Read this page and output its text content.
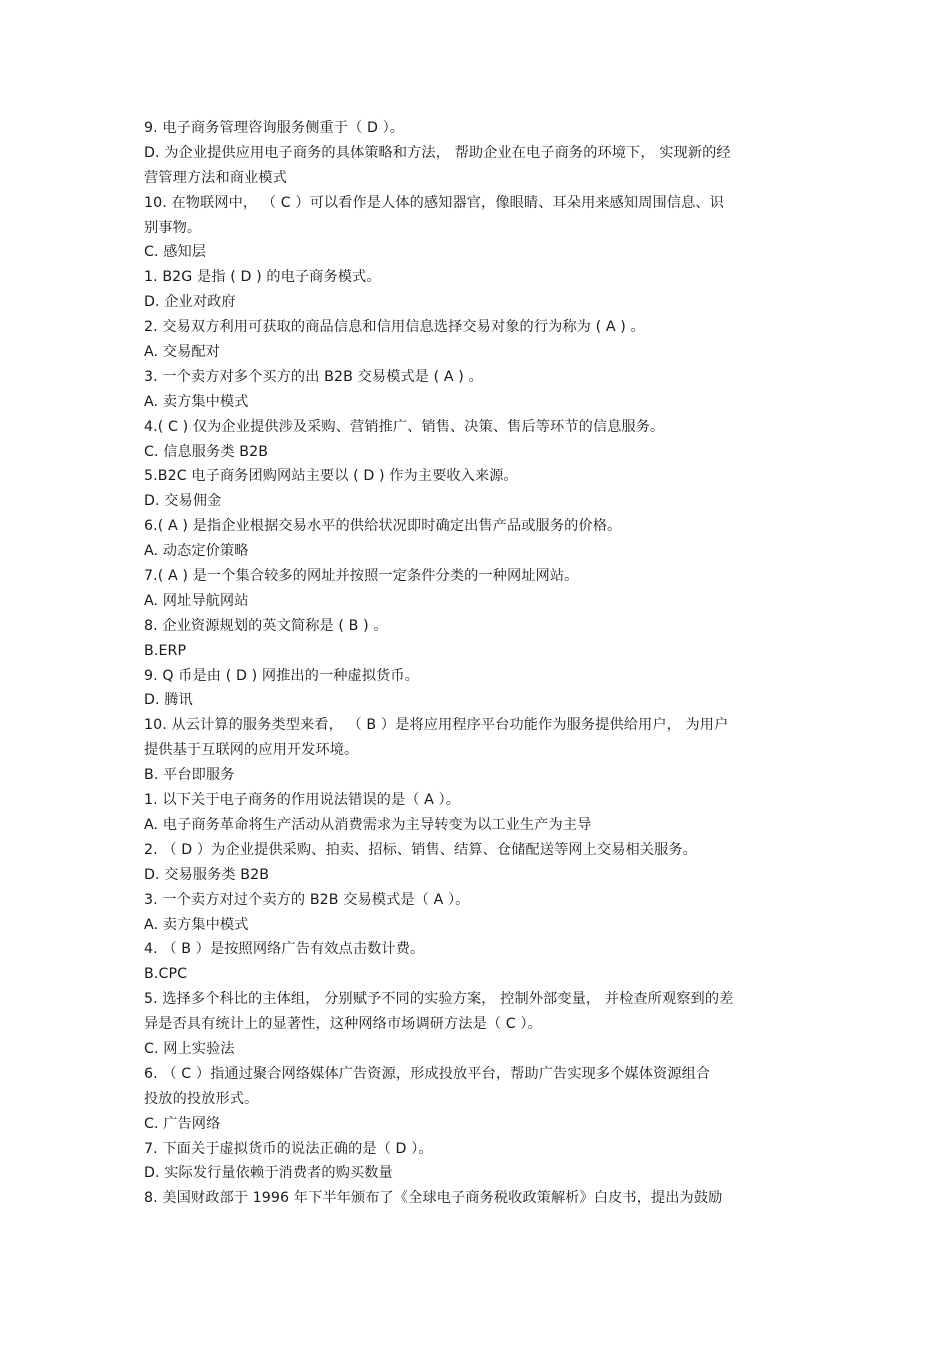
9. 电子商务管理咨询服务侧重于（ D ）。
D. 为企业提供应用电子商务的具体策略和方法， 帮助企业在电子商务的环境下， 实现新的经
营管理方法和商业模式
10. 在物联网中， （ C ）可以看作是人体的感知器官，像眼睛、耳朵用来感知周围信息、识
别事物。
C. 感知层
1. B2G 是指 ( D ) 的电子商务模式。
D. 企业对政府
2. 交易双方利用可获取的商品信息和信用信息选择交易对象的行为称为 ( A ) 。
A. 交易配对
3. 一个卖方对多个买方的出 B2B 交易模式是 ( A ) 。
A. 卖方集中模式
4.( C ) 仅为企业提供涉及采购、营销推广、销售、决策、售后等环节的信息服务。
C. 信息服务类 B2B
5.B2C 电子商务团购网站主要以 ( D ) 作为主要收入来源。
D. 交易佣金
6.( A ) 是指企业根据交易水平的供给状况即时确定出售产品或服务的价格。
A. 动态定价策略
7.( A ) 是一个集合较多的网址并按照一定条件分类的一种网址网站。
A. 网址导航网站
8. 企业资源规划的英文简称是 ( B ) 。
B.ERP
9. Q 币是由 ( D ) 网推出的一种虚拟货币。
D. 腾讯
10. 从云计算的服务类型来看， （ B ）是将应用程序平台功能作为服务提供给用户， 为用户
提供基于互联网的应用开发环境。
B. 平台即服务
1. 以下关于电子商务的作用说法错误的是（ A ）。
A. 电子商务革命将生产活动从消费需求为主导转变为以工业生产为主导
2. （ D ）为企业提供采购、拍卖、招标、销售、结算、仓储配送等网上交易相关服务。
D. 交易服务类 B2B
3. 一个卖方对过个卖方的 B2B 交易模式是（ A ）。
A. 卖方集中模式
4. （ B ）是按照网络广告有效点击数计费。
B.CPC
5. 选择多个科比的主体组， 分别赋予不同的实验方案， 控制外部变量， 并检查所观察到的差
异是否具有统计上的显著性，这种网络市场调研方法是（ C ）。
C. 网上实验法
6. （ C ）指通过聚合网络媒体广告资源，形成投放平台，帮助广告实现多个媒体资源组合
投放的投放形式。
C. 广告网络
7. 下面关于虚拟货币的说法正确的是（ D ）。
D. 实际发行量依赖于消费者的购买数量
8. 美国财政部于 1996 年下半年颁布了《全球电子商务税收政策解析》白皮书，提出为鼓励
